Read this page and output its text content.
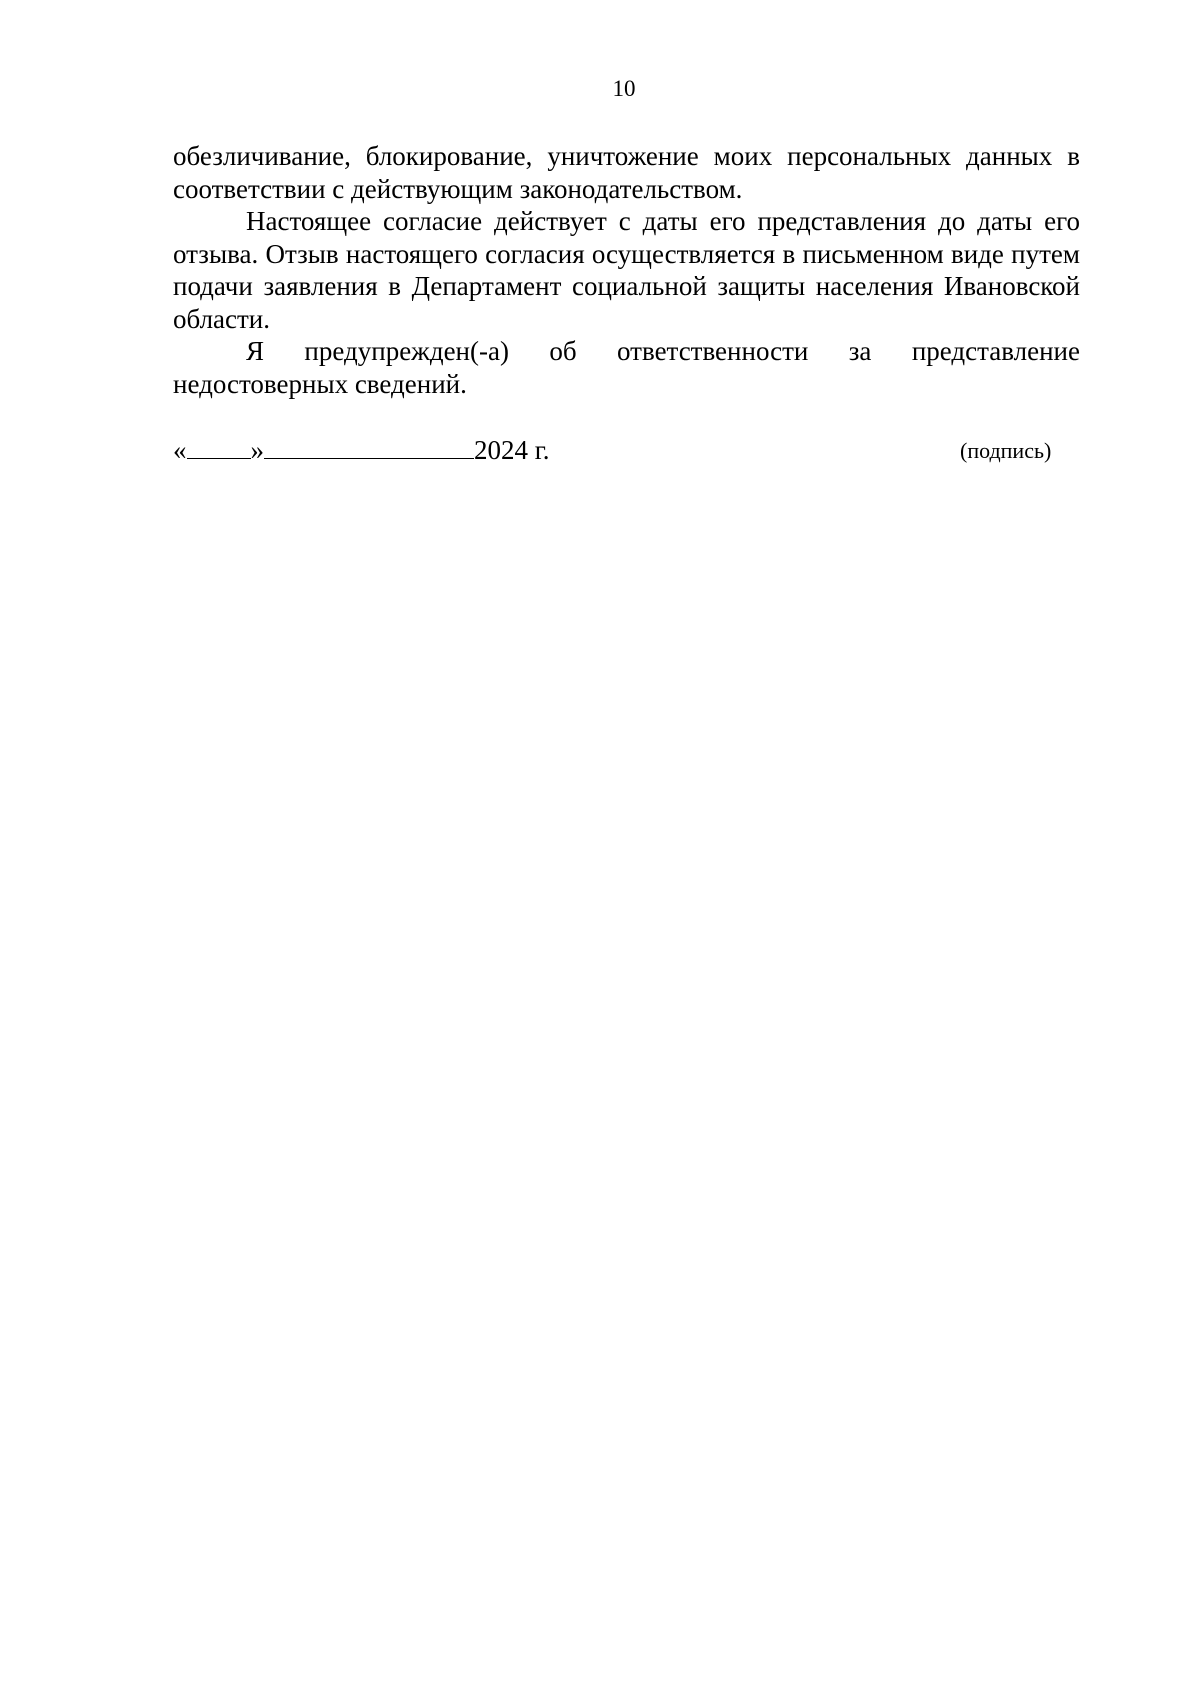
10

обезличивание, блокирование, уничтожение моих персональных данных в соответствии с действующим законодательством.

Настоящее согласие действует с даты его представления до даты его отзыва. Отзыв настоящего согласия осуществляется в письменном виде путем подачи заявления в Департамент социальной защиты населения Ивановской области.

Я предупрежден(-а) об ответственности за представление недостоверных сведений.

« »	2024 г.	(подпись)
